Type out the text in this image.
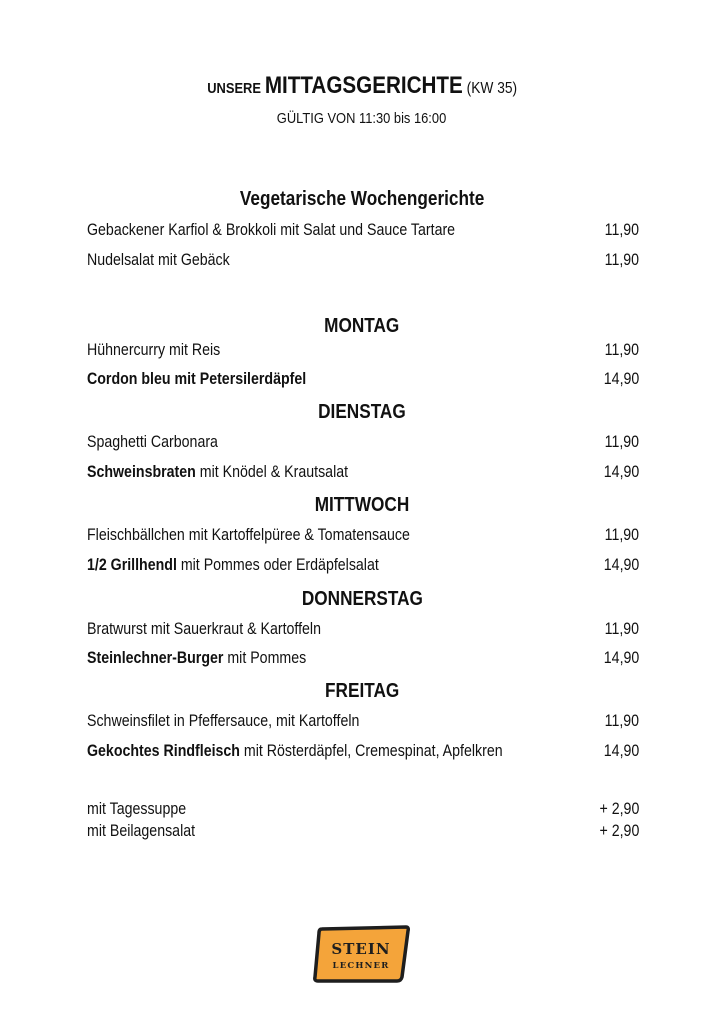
UNSERE MITTAGSGERICHTE (KW 35)
GÜLTIG VON 11:30 bis 16:00
Vegetarische Wochengerichte
Gebackener Karfiol & Brokkoli mit Salat und Sauce Tartare	11,90
Nudelsalat mit Gebäck	11,90
MONTAG
Hühnercurry mit Reis	11,90
Cordon bleu mit Petersilerdäpfel	14,90
DIENSTAG
Spaghetti Carbonara	11,90
Schweinsbraten mit Knödel & Krautsalat	14,90
MITTWOCH
Fleischbällchen mit Kartoffelpüree & Tomatensauce	11,90
1/2 Grillhendl mit Pommes oder Erdäpfelsalat	14,90
DONNERSTAG
Bratwurst mit Sauerkraut & Kartoffeln	11,90
Steinlechner-Burger mit Pommes	14,90
FREITAG
Schweinsfilet in Pfeffersauce, mit Kartoffeln	11,90
Gekochtes Rindfleisch mit Rösterdäpfel, Cremespinat, Apfelkren	14,90
mit Tagessuppe	+ 2,90
mit Beilagensalat	+ 2,90
STEIN
LECHNER
